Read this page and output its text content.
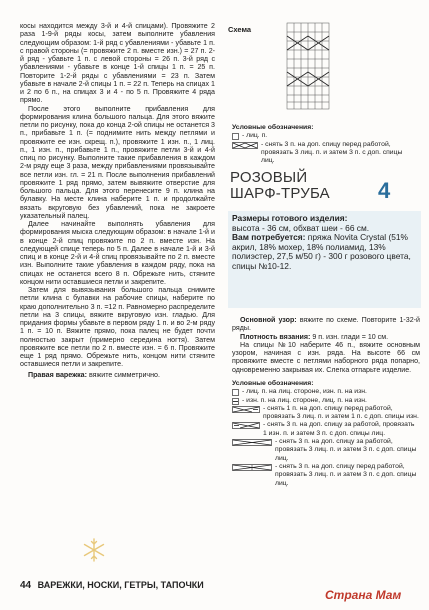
косы находится между 3-й и 4-й спицами). Провяжите 2 раза 1-9-й ряды косы, затем выполните убавления следующим образом: 1-й ряд с убавлениями - убавьте 1 п. с правой стороны (= провяжите 2 п. вместе изн.) = 27 п. 2-й ряд - убавьте 1 п. с левой стороны = 26 п. 3-й ряд с убавлениями - убавьте в конце 1-й спицы 1 п. = 25 п. Повторите 1-2-й ряды с убавлениями = 23 п. Затем убавьте в начале 2-й спицы 1 п. = 22 п. Теперь на спицах 1 и 2 по 6 п., на спицах 3 и 4 - по 5 п. Провяжите 4 ряда прямо.

После этого выполните прибавления для формирования клина большого пальца. Для этого вяжите петли по рисунку, пока до конца 2-ой спицы не останется 3 п., прибавьте 1 п. (= поднимите нить между петлями и провяжите ее изн. скрещ. п.), провяжите 1 изн. п., 1 лиц. п., 1 изн. п., прибавьте 1 п., провяжите петли 3-й и 4-й спиц по рисунку. Выполните такие прибавления в каждом 2-м ряду еще 3 раза, между прибавлениями провязывайте все петли изн. гл. = 21 п. После выполнения прибавлений провяжите 1 ряд прямо, затем вывяжите отверстие для большого пальца. Для этого перенесите 9 п. клина на булавку. На месте клина наберите 1 п. и продолжайте вязать вкруговую без убавлений, пока не закроете указательный палец.

Далее начинайте выполнять убавления для формирования мыска следующим образом: в начале 1-й и в конце 2-й спиц провяжите по 2 п. вместе изн. На следующей спице теперь по 5 п. Далее в начале 1-й и 3-й спиц и в конце 2-й и 4-й спиц провязывайте по 2 п. вместе изн. Выполните такие убавления в каждом ряду, пока на спицах не останется всего 8 п. Обрежьте нить, стяните концом нити оставшиеся петли и закрепите.

Затем для вывязывания большого пальца снимите петли клина с булавки на рабочие спицы, наберите по краю дополнительно 3 п. =12 п. Равномерно распределите петли на 3 спицы, вяжите вкруговую изн. гладью. Для придания формы убавьте в первом ряду 1 п. и во 2-м ряду 1 п. = 10 п. Вяжите прямо, пока палец не будет почти полностью закрыт (примерно середина ногтя). Затем провяжите все петли по 2 п. вместе изн. = 6 п. Провяжите еще 1 ряд прямо. Обрежьте нить, концом нити стяните оставшиеся петли и закрепите.

Правая варежка: вяжите симметрично.

Схема
Условные обозначения:
- лиц. п.
- снять 3 п. на доп. спицу перед работой, провязать 3 лиц. п. и затем 3 п. с доп. спицы лиц.
РОЗОВЫЙ
ШАРФ-ТРУБА 4
Размеры готового изделия:
высота - 36 см, обхват шеи - 66 см.
Вам потребуется: пряжа Novita Crystal (51% акрил, 18% мохер, 18% полиамид, 13% полиэстер, 27,5 м/50 г) - 300 г розового цвета, спицы №10-12.

Основной узор: вяжите по схеме. Повторите 1-32-й ряды.

Плотность вязания: 9 п. изн. глади = 10 см.

На спицы №10 наберите 46 п., вяжите основным узором, начиная с изн. ряда. На высоте 66 см провяжите вместе с петлями наборного ряда попарно, одновременно закрывая их. Слегка отпарьте изделие.

Условные обозначения:
- лиц. п. на лиц. стороне, изн. п. на изн.
- изн. п. на лиц. стороне, лиц. п. на изн.
- снять 1 п. на доп. спицу перед работой, провязать 3 лиц. п. и затем 1 п. с доп. спицы изн.
- снять 3 п. на доп. спицу за работой, провязать 1 изн. п. и затем 3 п. с доп. спицы лиц.
- снять 3 п. на доп. спицу за работой, провязать 3 лиц. п. и затем 3 п. с доп. спицы лиц.
- снять 3 п. на доп. спицу перед работой, провязать 3 лиц. п. и затем 3 п. с доп. спицы лиц.
44 ВАРЕЖКИ, НОСКИ, ГЕТРЫ, ТАПОЧКИ
Страна Мам
